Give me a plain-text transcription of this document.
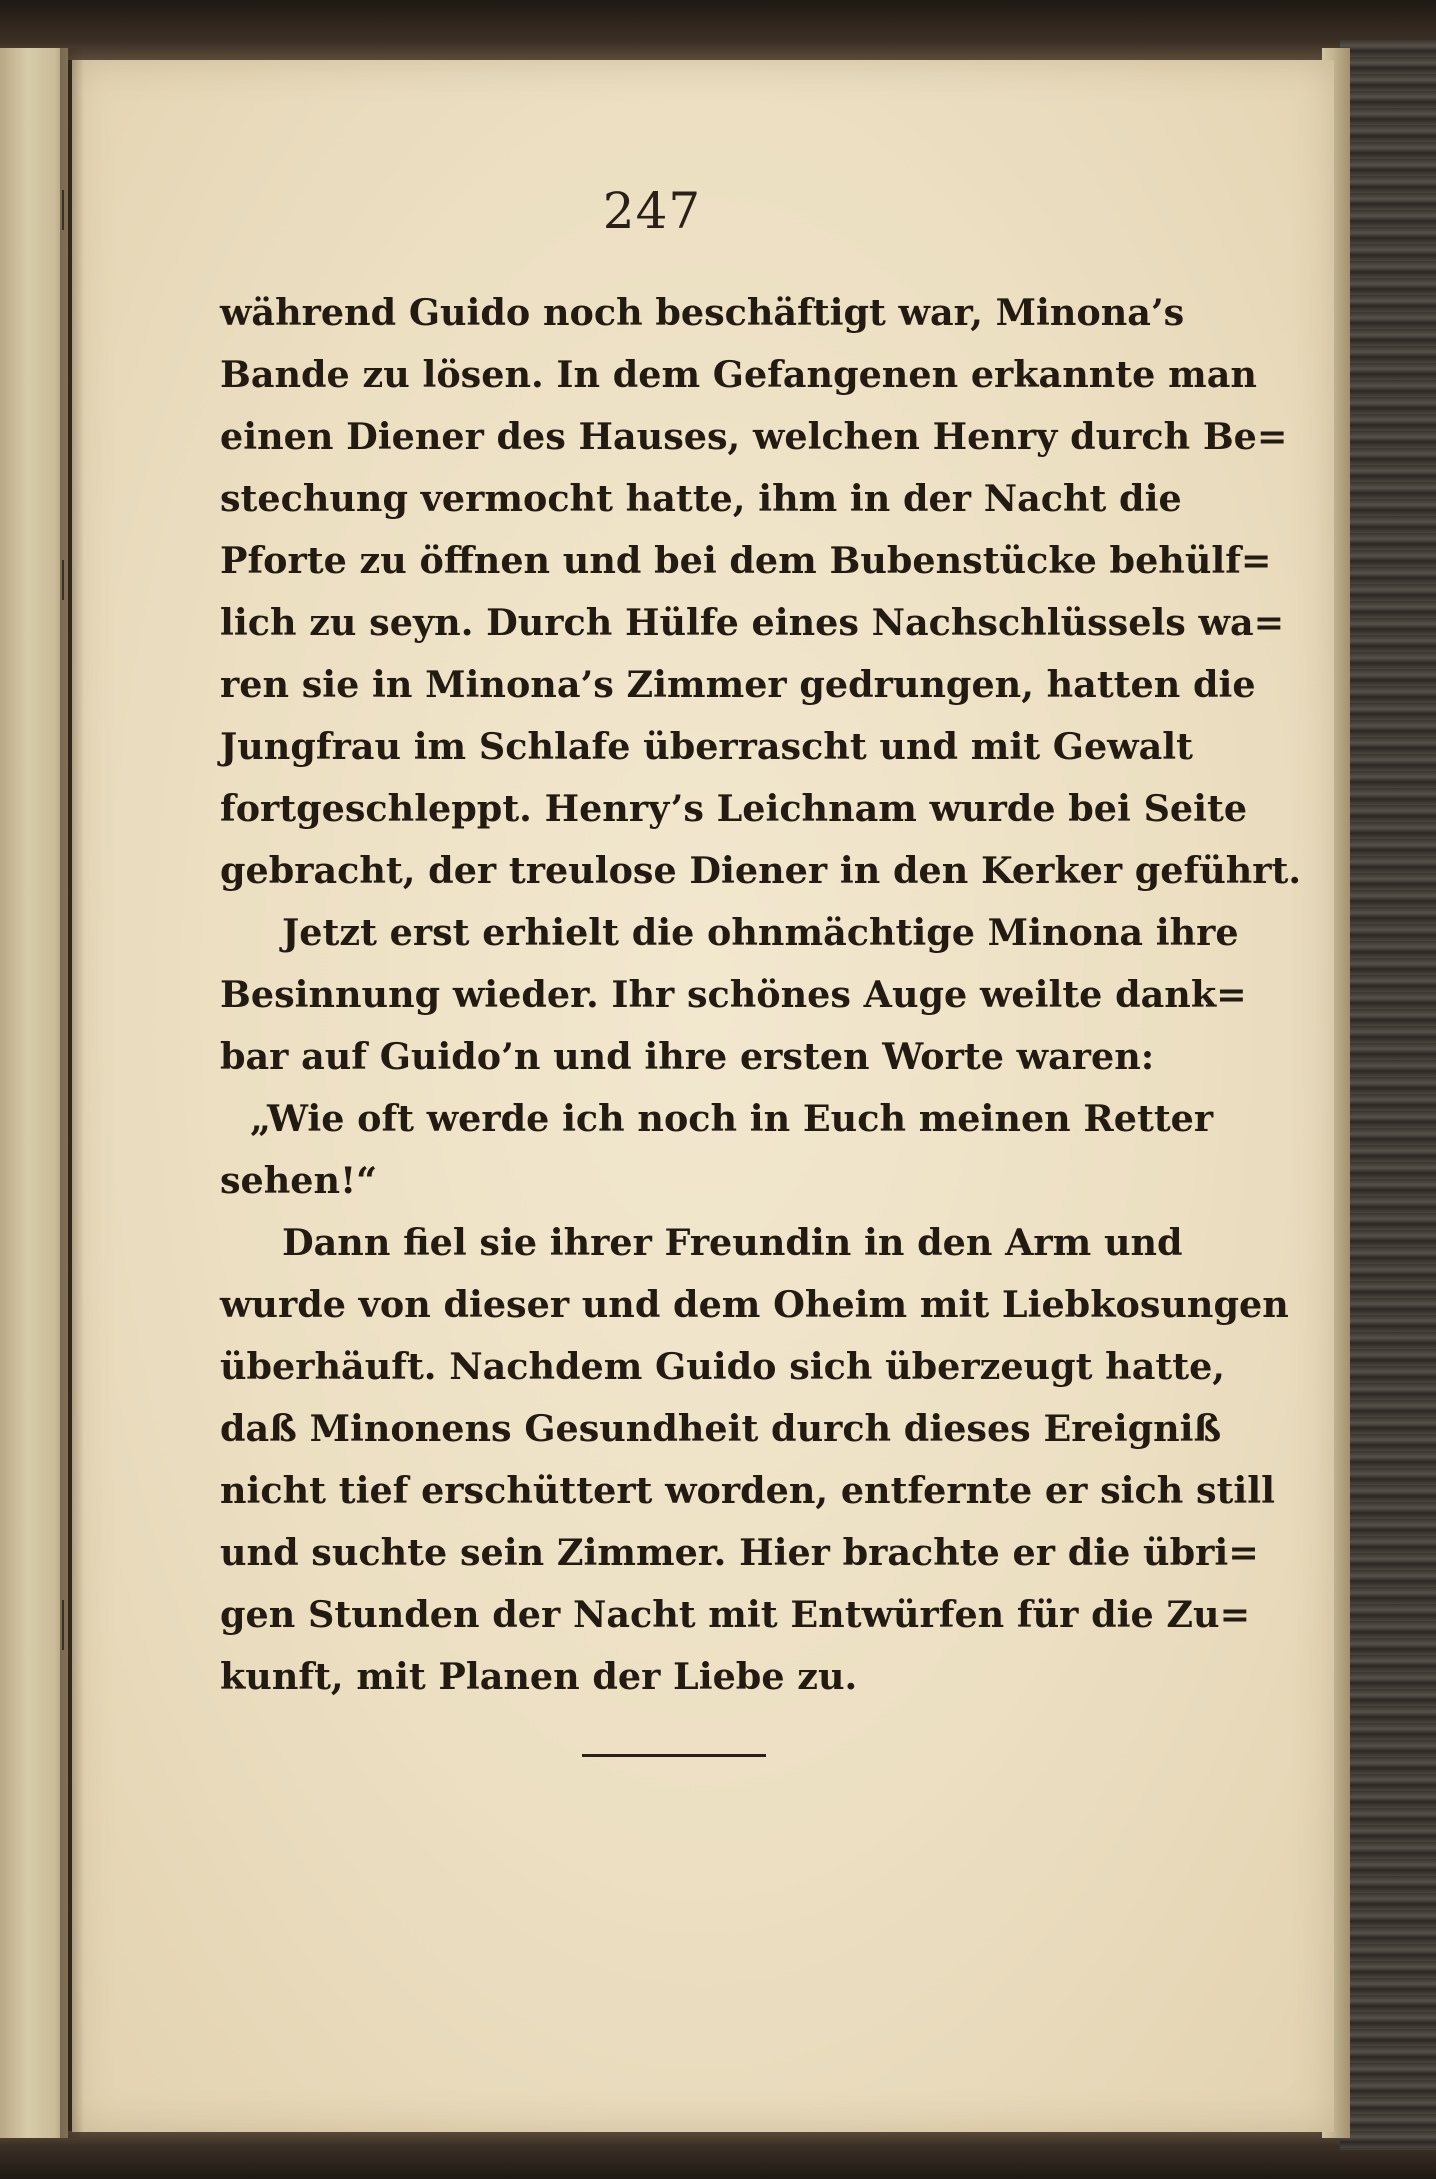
247
während Guido noch beschäftigt war, Minona’s
Bande zu lösen. In dem Gefangenen erkannte man
einen Diener des Hauses, welchen Henry durch Be=
stechung vermocht hatte, ihm in der Nacht die
Pforte zu öffnen und bei dem Bubenstücke behülf=
lich zu seyn. Durch Hülfe eines Nachschlüssels wa=
ren sie in Minona’s Zimmer gedrungen, hatten die
Jungfrau im Schlafe überrascht und mit Gewalt
fortgeschleppt. Henry’s Leichnam wurde bei Seite
gebracht, der treulose Diener in den Kerker geführt.
Jetzt erst erhielt die ohnmächtige Minona ihre
Besinnung wieder. Ihr schönes Auge weilte dank=
bar auf Guido’n und ihre ersten Worte waren:
„Wie oft werde ich noch in Euch meinen Retter
sehen!“
Dann fiel sie ihrer Freundin in den Arm und
wurde von dieser und dem Oheim mit Liebkosungen
überhäuft. Nachdem Guido sich überzeugt hatte,
daß Minonens Gesundheit durch dieses Ereigniß
nicht tief erschüttert worden, entfernte er sich still
und suchte sein Zimmer. Hier brachte er die übri=
gen Stunden der Nacht mit Entwürfen für die Zu=
kunft, mit Planen der Liebe zu.
